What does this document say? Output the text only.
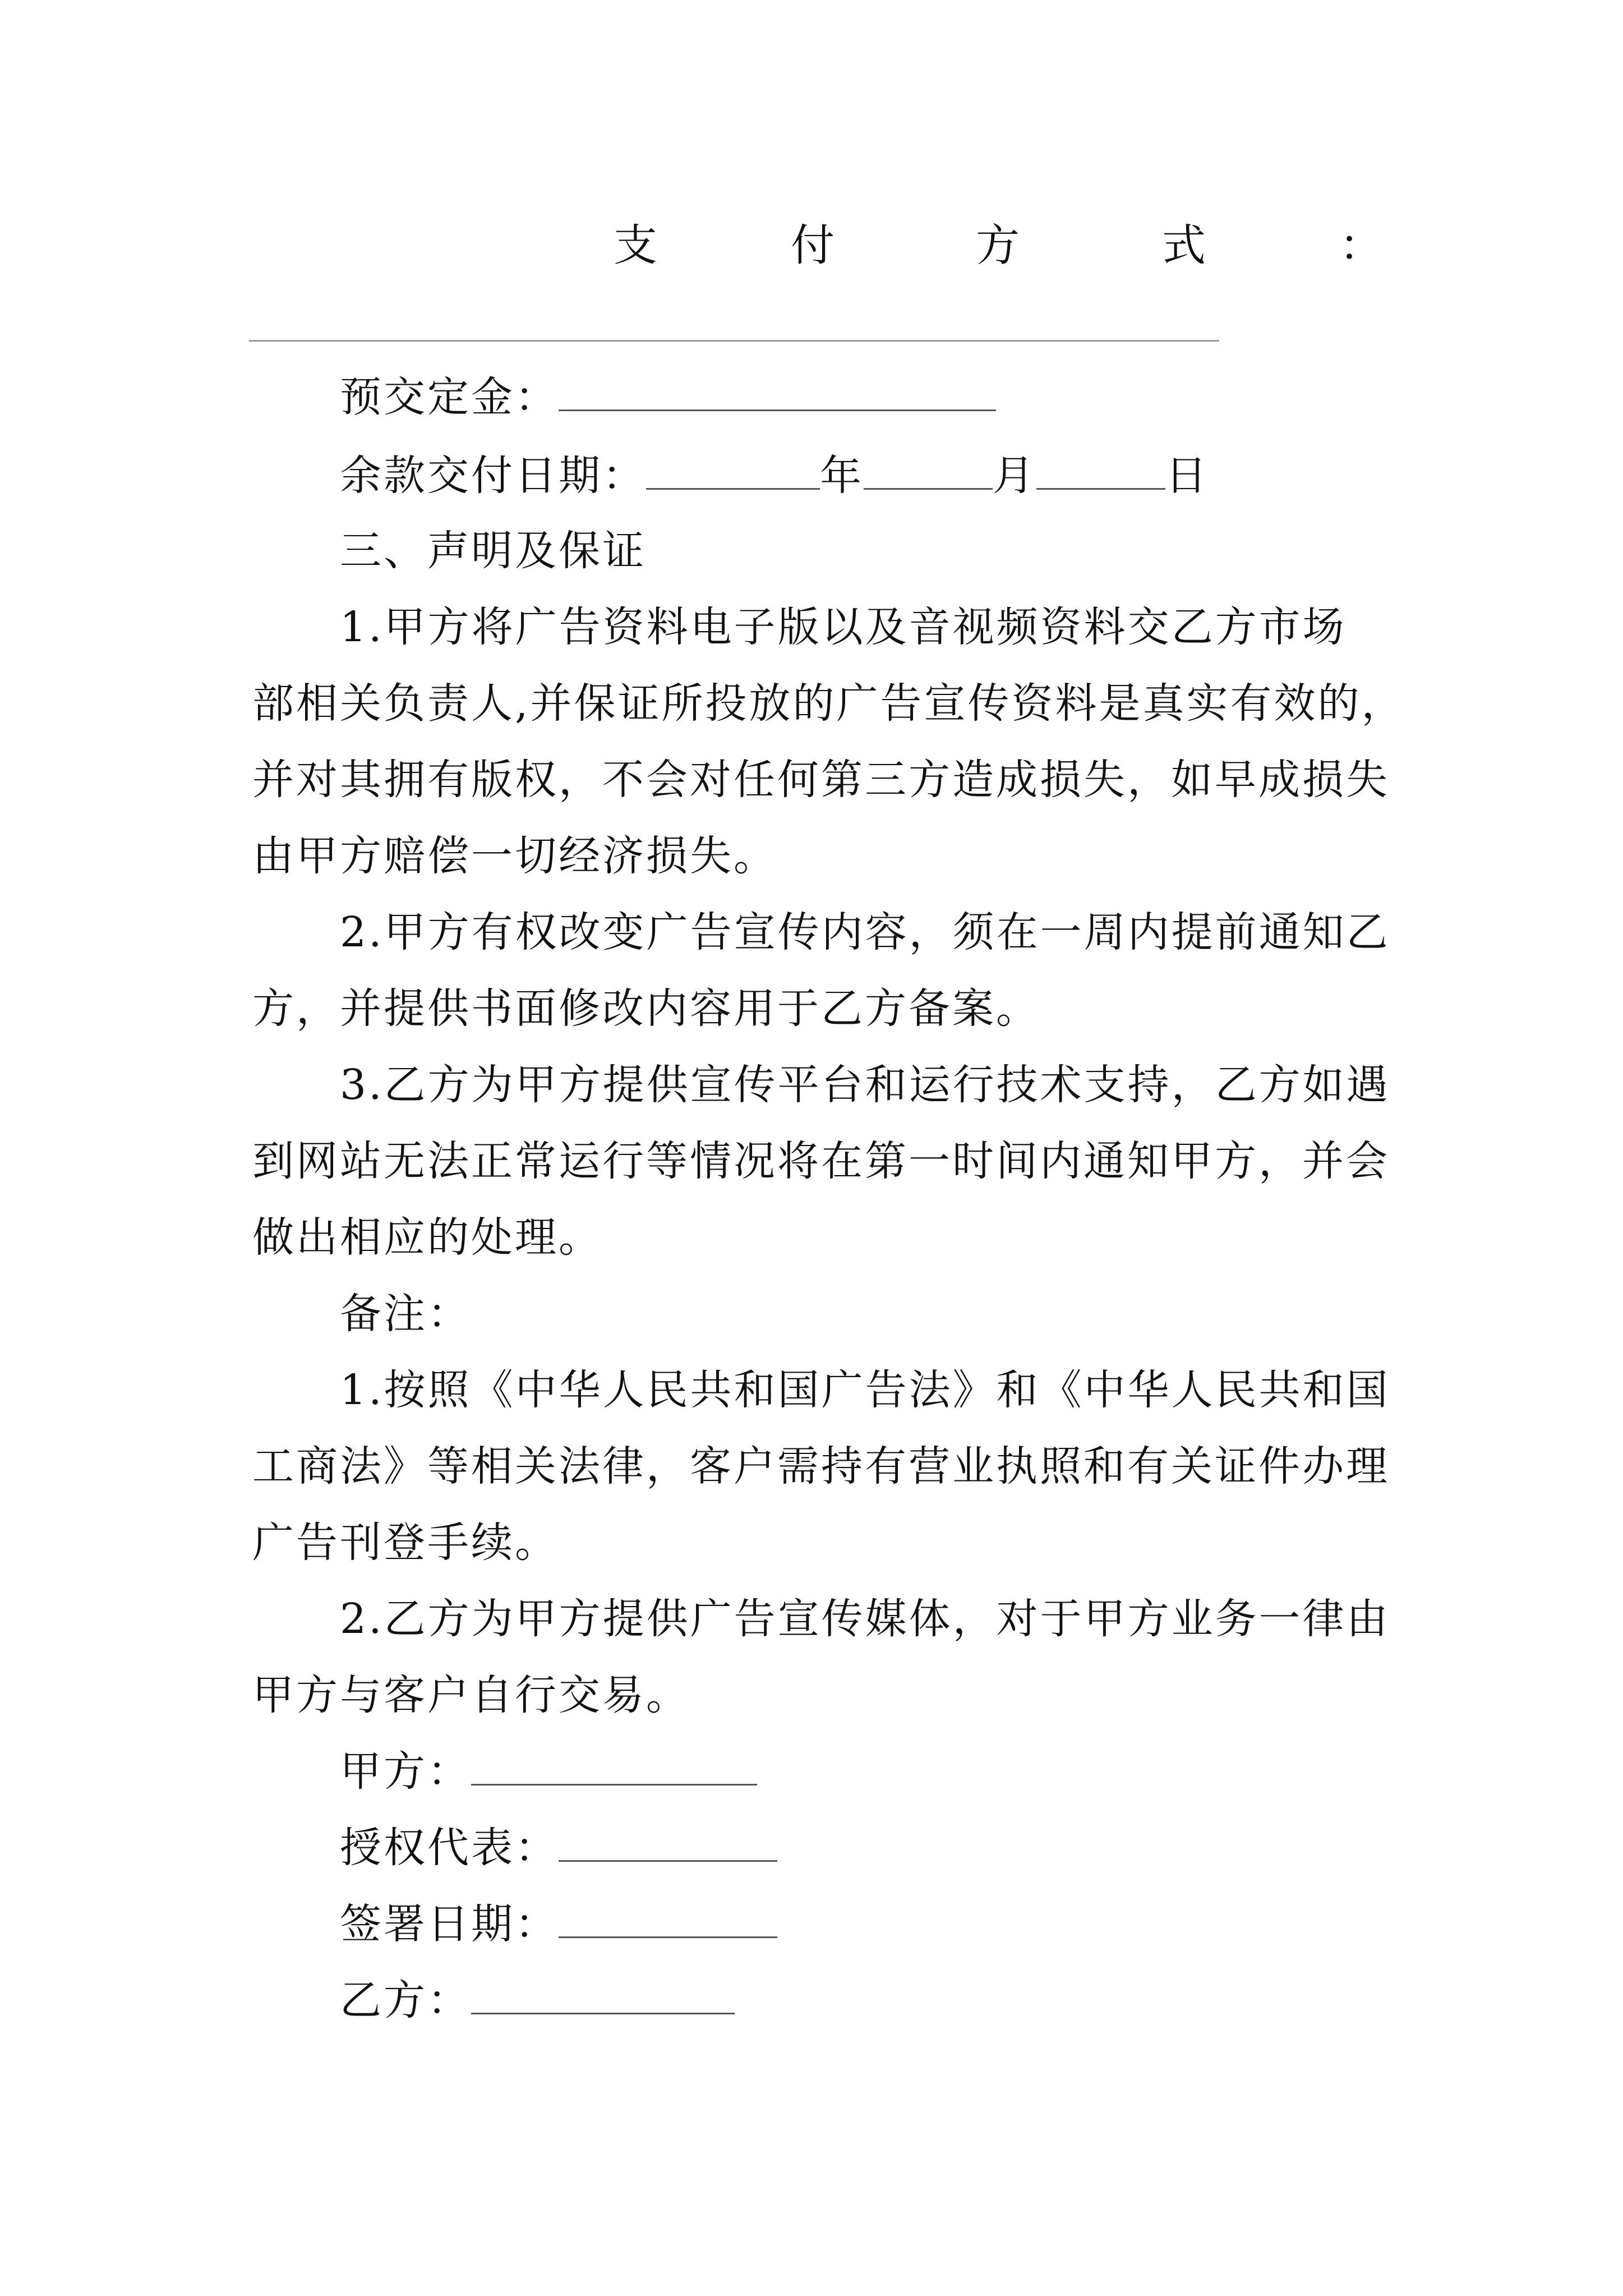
支	付	方	式	：
预交定金：
余款交付日期：	年	月	日
三、声明及保证
1.甲方将广告资料电子版以及音视频资料交乙方市场
部相关负责人,并保证所投放的广告宣传资料是真实有效的，
并对其拥有版权，不会对任何第三方造成损失，如早成损失
由甲方赔偿一切经济损失。
2.甲方有权改变广告宣传内容，须在一周内提前通知乙
方，并提供书面修改内容用于乙方备案。
3.乙方为甲方提供宣传平台和运行技术支持，乙方如遇
到网站无法正常运行等情况将在第一时间内通知甲方，并会
做出相应的处理。
备注：
1.按照《中华人民共和国广告法》和《中华人民共和国
工商法》等相关法律，客户需持有营业执照和有关证件办理
广告刊登手续。
2.乙方为甲方提供广告宣传媒体，对于甲方业务一律由
甲方与客户自行交易。
甲方：
授权代表：
签署日期：
乙方：
